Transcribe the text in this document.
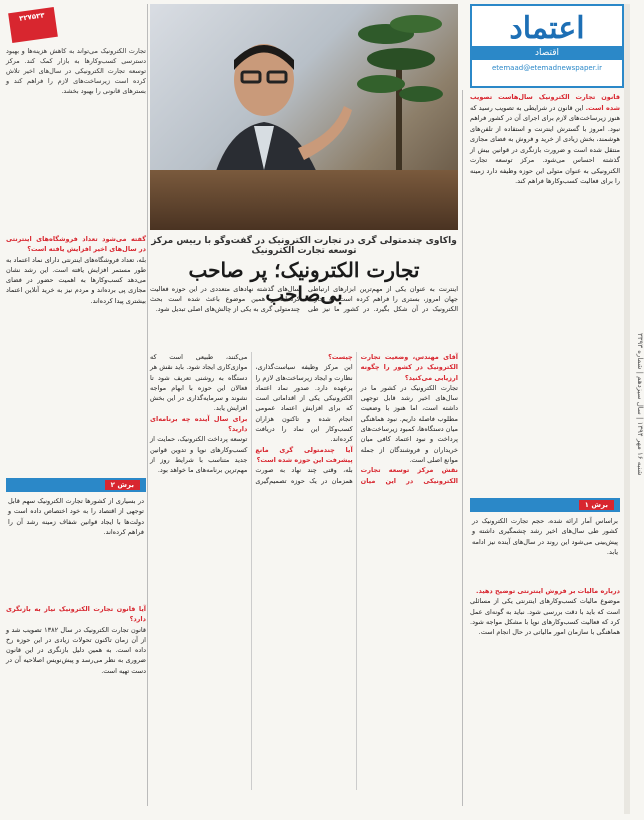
شنبه ۱۶ مهر ۱۳۹۴ | سال سیزدهم | شماره ۳۳۹۳
اعتماد
اقتصاد
etemaad@etemadnewspaper.ir
۳۲۷۵۳۳
تجارت الکترونیک می‌تواند به کاهش هزینه‌ها و بهبود دسترسی کسب‌وکارها به بازار کمک کند. مرکز توسعه تجارت الکترونیکی در سال‌های اخیر تلاش کرده است زیرساخت‌های لازم را فراهم کند و بسترهای قانونی را بهبود بخشد.
قانون تجارت الکترونیک سال‌هاست تصویب شده است. این قانون در شرایطی به تصویب رسید که هنوز زیرساخت‌های لازم برای اجرای آن در کشور فراهم نبود. امروز با گسترش اینترنت و استفاده از تلفن‌های هوشمند، بخش زیادی از خرید و فروش به فضای مجازی منتقل شده است و ضرورت بازنگری در قوانین بیش از گذشته احساس می‌شود. مرکز توسعه تجارت الکترونیکی به عنوان متولی این حوزه وظیفه دارد زمینه را برای فعالیت کسب‌وکارها فراهم کند.
واکاوی چندمتولی گری در تجارت الکترونیک در گفت‌وگو با رییس مرکز توسعه تجارت الکترونیک
تجارت الکترونیک؛ پر صاحب بی‌صاحب
اینترنت به عنوان یکی از مهم‌ترین ابزارهای ارتباطی جهان امروز، بستری را فراهم کرده است که تجارت الکترونیک در آن شکل بگیرد. در کشور ما نیز طی سال‌های گذشته نهادهای متعددی در این حوزه فعالیت کرده‌اند و همین موضوع باعث شده است بحث چندمتولی گری به یکی از چالش‌های اصلی تبدیل شود.
آقای مهندس، وضعیت تجارت الکترونیک در کشور را چگونه ارزیابی می‌کنید؟
تجارت الکترونیک در کشور ما در سال‌های اخیر رشد قابل توجهی داشته است، اما هنوز با وضعیت مطلوب فاصله داریم. نبود هماهنگی میان دستگاه‌ها، کمبود زیرساخت‌های پرداخت و نبود اعتماد کافی میان خریداران و فروشندگان از جمله موانع اصلی است.
نقش مرکز توسعه تجارت الکترونیکی در این میان چیست؟
این مرکز وظیفه سیاست‌گذاری، نظارت و ایجاد زیرساخت‌های لازم را برعهده دارد. صدور نماد اعتماد الکترونیکی یکی از اقداماتی است که برای افزایش اعتماد عمومی انجام شده و تاکنون هزاران کسب‌وکار این نماد را دریافت کرده‌اند.
آیا چندمتولی گری مانع پیشرفت این حوزه شده است؟
بله، وقتی چند نهاد به صورت همزمان در یک حوزه تصمیم‌گیری می‌کنند، طبیعی است که موازی‌کاری ایجاد شود. باید نقش هر دستگاه به روشنی تعریف شود تا فعالان این حوزه با ابهام مواجه نشوند و سرمایه‌گذاری در این بخش افزایش یابد.
برای سال آینده چه برنامه‌ای دارید؟
توسعه پرداخت الکترونیک، حمایت از کسب‌وکارهای نوپا و تدوین قوانین جدید متناسب با شرایط روز از مهم‌ترین برنامه‌های ما خواهد بود.
گفته می‌شود تعداد فروشگاه‌های اینترنتی در سال‌های اخیر افزایش یافته است؟
بله، تعداد فروشگاه‌های اینترنتی دارای نماد اعتماد به طور مستمر افزایش یافته است. این رشد نشان می‌دهد کسب‌وکارها به اهمیت حضور در فضای مجازی پی برده‌اند و مردم نیز به خرید آنلاین اعتماد بیشتری پیدا کرده‌اند.
برش ۲
در بسیاری از کشورها تجارت الکترونیک سهم قابل توجهی از اقتصاد را به خود اختصاص داده است و دولت‌ها با ایجاد قوانین شفاف زمینه رشد آن را فراهم کرده‌اند.
برش ۱
براساس آمار ارائه شده، حجم تجارت الکترونیک در کشور طی سال‌های اخیر رشد چشمگیری داشته و پیش‌بینی می‌شود این روند در سال‌های آینده نیز ادامه یابد.
آیا قانون تجارت الکترونیک نیاز به بازنگری دارد؟
قانون تجارت الکترونیک در سال ۱۳۸۲ تصویب شد و از آن زمان تاکنون تحولات زیادی در این حوزه رخ داده است. به همین دلیل بازنگری در این قانون ضروری به نظر می‌رسد و پیش‌نویس اصلاحیه آن در دست تهیه است.
درباره مالیات بر فروش اینترنتی توضیح دهید.
موضوع مالیات کسب‌وکارهای اینترنتی یکی از مسائلی است که باید با دقت بررسی شود. نباید به گونه‌ای عمل کرد که فعالیت کسب‌وکارهای نوپا با مشکل مواجه شود. هماهنگی با سازمان امور مالیاتی در حال انجام است.
